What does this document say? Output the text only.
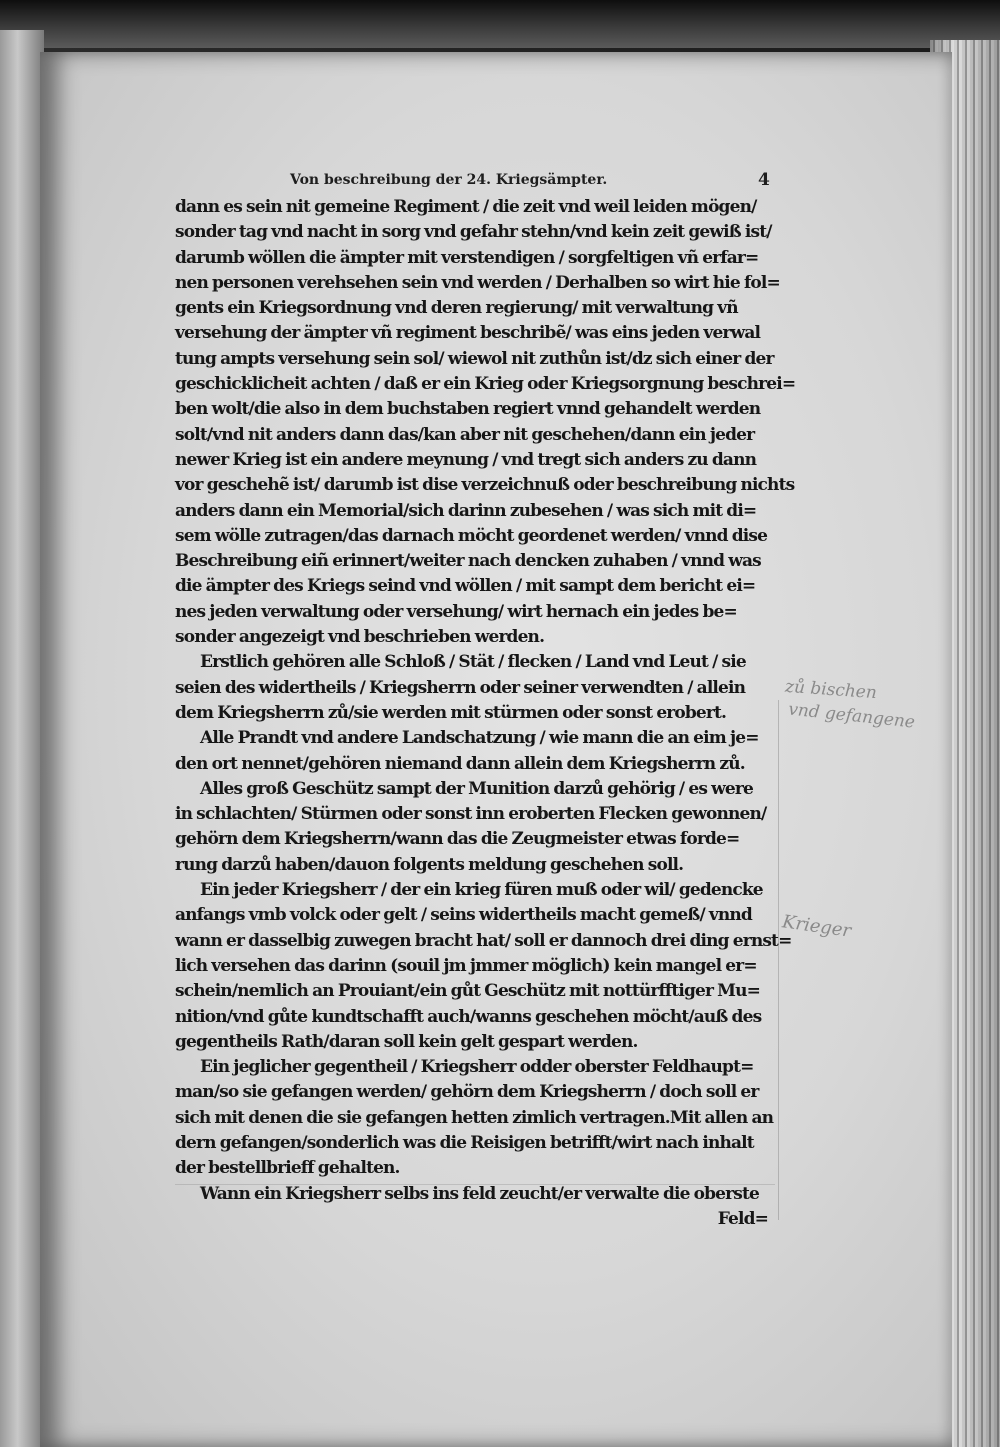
Von beschreibung der 24. Kriegsämpter.	4
dann es sein nit gemeine Regiment / die zeit vnd weil leiden mögen/
sonder tag vnd nacht in sorg vnd gefahr stehn/vnd kein zeit gewiß ist/
darumb wöllen die ämpter mit verstendigen / sorgfeltigen vñ erfar=
nen personen verehsehen sein vnd werden / Derhalben so wirt hie fol=
gents ein Kriegsordnung vnd deren regierung/ mit verwaltung vñ
versehung der ämpter vñ regiment beschribẽ/ was eins jeden verwal
tung ampts versehung sein sol/ wiewol nit zuthůn ist/dz sich einer der
geschicklicheit achten / daß er ein Krieg oder Kriegsorgnung beschrei=
ben wolt/die also in dem buchstaben regiert vnnd gehandelt werden
solt/vnd nit anders dann das/kan aber nit geschehen/dann ein jeder
newer Krieg ist ein andere meynung / vnd tregt sich anders zu dann
vor geschehẽ ist/ darumb ist dise verzeichnuß oder beschreibung nichts
anders dann ein Memorial/sich darinn zubesehen / was sich mit di=
sem wölle zutragen/das darnach möcht geordenet werden/ vnnd dise
Beschreibung eiñ erinnert/weiter nach dencken zuhaben / vnnd was
die ämpter des Kriegs seind vnd wöllen / mit sampt dem bericht ei=
nes jeden verwaltung oder versehung/ wirt hernach ein jedes be=
sonder angezeigt vnd beschrieben werden.
Erstlich gehören alle Schloß / Stät / flecken / Land vnd Leut / sie
seien des widertheils / Kriegsherrn oder seiner verwendten / allein
dem Kriegsherrn zů/sie werden mit stürmen oder sonst erobert.
Alle Prandt vnd andere Landschatzung / wie mann die an eim je=
den ort nennet/gehören niemand dann allein dem Kriegsherrn zů.
Alles groß Geschütz sampt der Munition darzů gehörig / es were
in schlachten/ Stürmen oder sonst inn eroberten Flecken gewonnen/
gehörn dem Kriegsherrn/wann das die Zeugmeister etwas forde=
rung darzů haben/dauon folgents meldung geschehen soll.
Ein jeder Kriegsherr / der ein krieg füren muß oder wil/ gedencke
anfangs vmb volck oder gelt / seins widertheils macht gemeß/ vnnd
wann er dasselbig zuwegen bracht hat/ soll er dannoch drei ding ernst=
lich versehen das darinn (souil jm jmmer möglich) kein mangel er=
schein/nemlich an Prouiant/ein gůt Geschütz mit nottürfftiger Mu=
nition/vnd gůte kundtschafft auch/wanns geschehen möcht/auß des
gegentheils Rath/daran soll kein gelt gespart werden.
Ein jeglicher gegentheil / Kriegsherr odder oberster Feldhaupt=
man/so sie gefangen werden/ gehörn dem Kriegsherrn / doch soll er
sich mit denen die sie gefangen hetten zimlich vertragen.Mit allen an
dern gefangen/sonderlich was die Reisigen betrifft/wirt nach inhalt
der bestellbrieff gehalten.
Wann ein Kriegsherr selbs ins feld zeucht/er verwalte die oberste
Feld=
zů bischen
vnd gefangene
Krieger
